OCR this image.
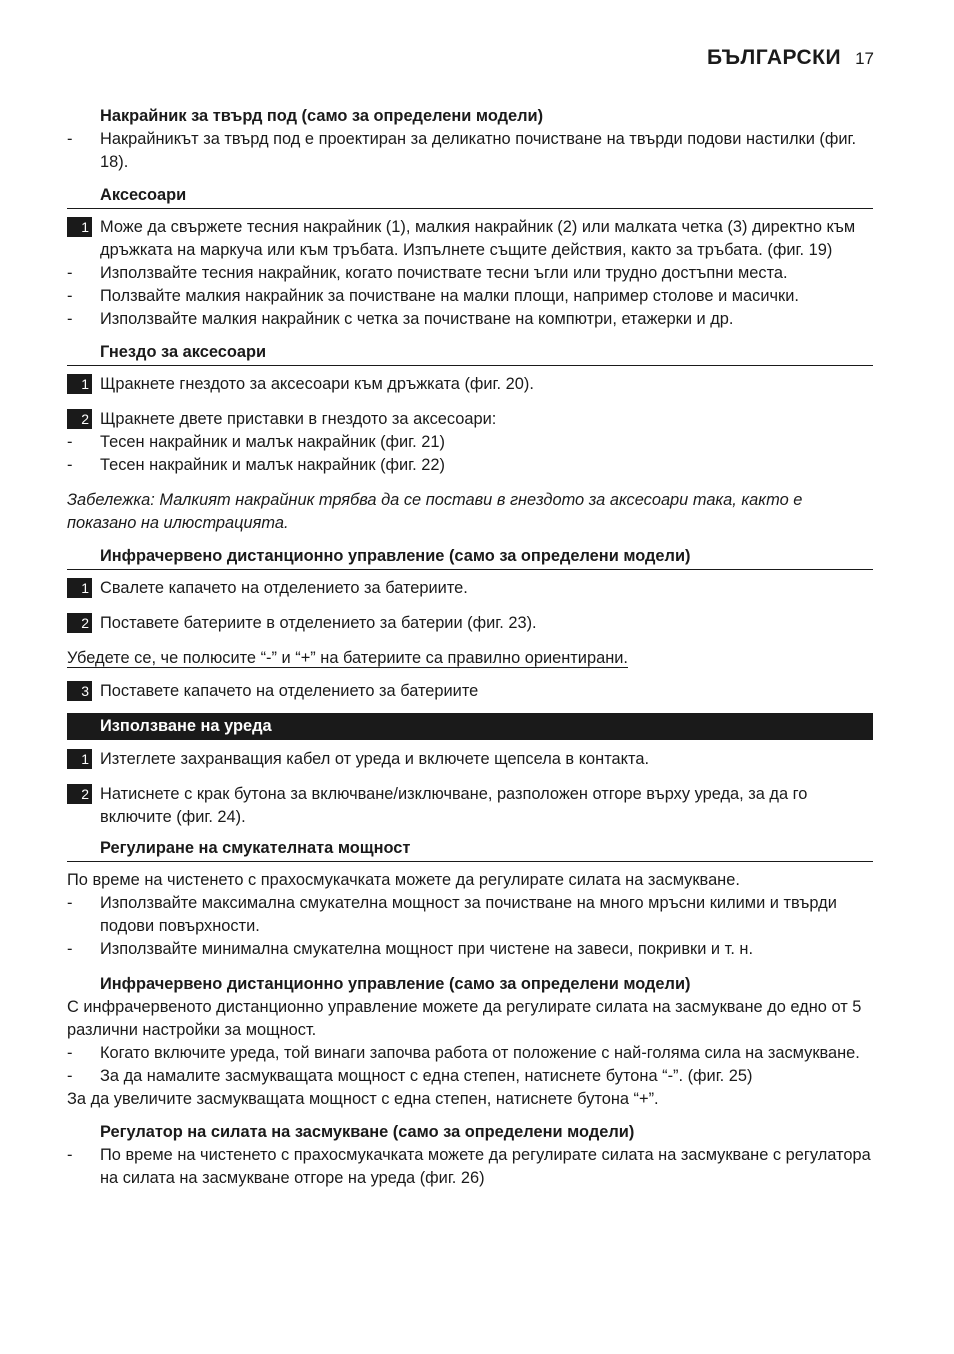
БЪЛГАРСКИ 17
Накрайник за твърд под (само за определени модели)
-	Накрайникът за твърд под е проектиран за деликатно почистване на твърди подови настилки (фиг. 18).
Аксесоари
1 Може да свържете тесния накрайник (1), малкия накрайник (2) или малката четка (3) директно към дръжката на маркуча или към тръбата. Изпълнете същите действия, както за тръбата. (фиг. 19)
-	Използвайте тесния накрайник, когато почиствате тесни ъгли или трудно достъпни места.
-	Ползвайте малкия накрайник за почистване на малки площи, например столове и масички.
-	Използвайте малкия накрайник с четка за почистване на компютри, етажерки и др.
Гнездо за аксесоари
1 Щракнете гнездото за аксесоари към дръжката (фиг. 20).
2 Щракнете двете приставки в гнездото за аксесоари:
-	Тесен накрайник и малък накрайник (фиг. 21)
-	Тесен накрайник и малък накрайник (фиг. 22)
Забележка: Малкият накрайник трябва да се постави в гнездото за аксесоари така, както е показано на илюстрацията.
Инфрачервено дистанционно управление (само за определени модели)
1 Свалете капачето на отделението за батериите.
2 Поставете батериите в отделението за батерии (фиг. 23).
Убедете се, че полюсите “-” и “+” на батериите са правилно ориентирани.
3 Поставете капачето на отделението за батериите
Използване на уреда
1 Изтеглете захранващия кабел от уреда и включете щепсела в контакта.
2 Натиснете с крак бутона за включване/изключване, разположен отгоре върху уреда, за да го включите (фиг. 24).
Регулиране на смукателната мощност
По време на чистенето с прахосмукачката можете да регулирате силата на засмукване.
-	Използвайте максимална смукателна мощност за почистване на много мръсни килими и твърди подови повърхности.
-	Използвайте минимална смукателна мощност при чистене на завеси, покривки и т. н.
Инфрачервено дистанционно управление (само за определени модели)
С инфрачервеното дистанционно управление можете да регулирате силата на засмукване до едно от 5 различни настройки за мощност.
-	Когато включите уреда, той винаги започва работа от положение с най-голяма сила на засмукване.
-	За да намалите засмукващата мощност с една степен, натиснете бутона “-”. (фиг. 25)
За да увеличите засмукващата мощност с една степен, натиснете бутона “+”.
Регулатор на силата на засмукване (само за определени модели)
-	По време на чистенето с прахосмукачката можете да регулирате силата на засмукване с регулатора на силата на засмукване отгоре на уреда (фиг. 26)
